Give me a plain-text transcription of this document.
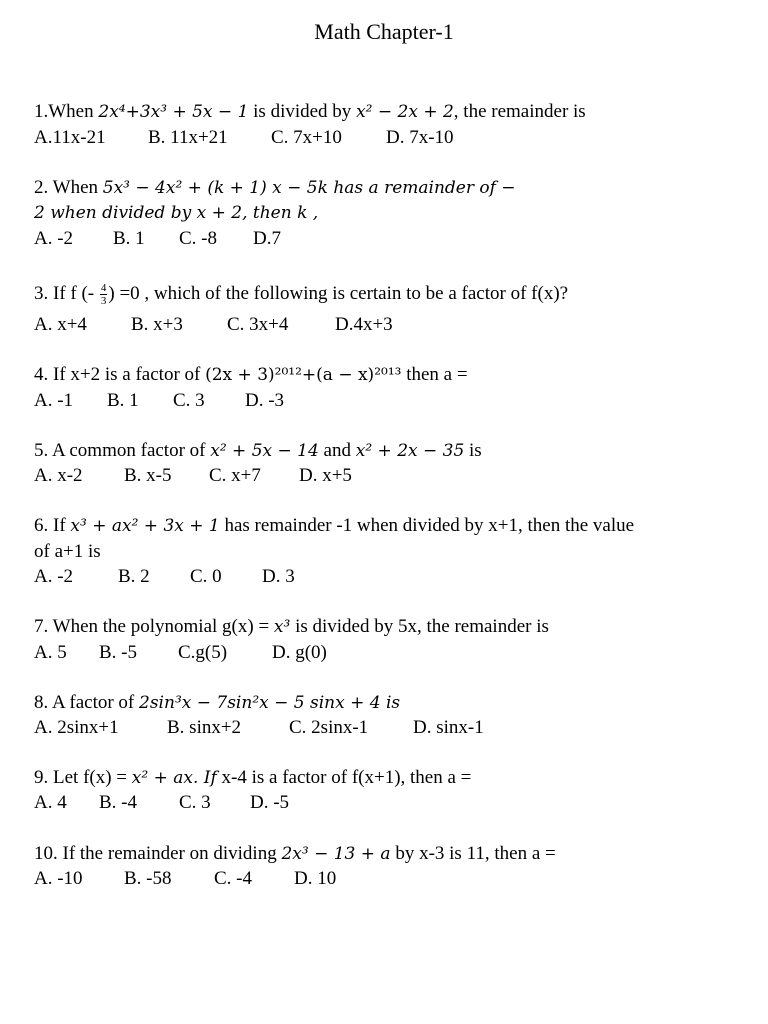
Math Chapter-1
1.When 2x⁴+3x³ + 5x − 1 is divided by x² − 2x + 2, the remainder is
A.11x-21 B. 11x+21 C. 7x+10 D. 7x-10
2. When 5x³ − 4x² + (k + 1) x − 5k has a remainder of −
2 when divided by x + 2, then k ,
A. -2 B. 1 C. -8 D.7
3. If f (- $\frac{4}{3}$ ) =0 , which of the following is certain to be a factor of f(x)?
A. x+4 B. x+3 C. 3x+4 D.4x+3
4. If x+2 is a factor of (2x + 3)²⁰¹²+(a − x)²⁰¹³ then a =
A. -1 B. 1 C. 3 D. -3
5. A common factor of x² + 5x − 14 and x² + 2x − 35 is
A. x-2 B. x-5 C. x+7 D. x+5
6. If x³ + ax² + 3x + 1 has remainder -1 when divided by x+1, then the value
of a+1 is
A. -2 B. 2 C. 0 D. 3
7. When the polynomial g(x) = x³ is divided by 5x, the remainder is
A. 5 B. -5 C.g(5) D. g(0)
8. A factor of 2sin³x − 7sin²x − 5 sinx + 4 is
A. 2sinx+1	B. sinx+2	C. 2sinx-1 D. sinx-1
9. Let f(x) = x² + ax. If x-4 is a factor of f(x+1), then a =
A. 4 B. -4 C. 3 D. -5
10. If the remainder on dividing 2x³ − 13 + a by x-3 is 11, then a =
A. -10 B. -58 C. -4 D. 10
